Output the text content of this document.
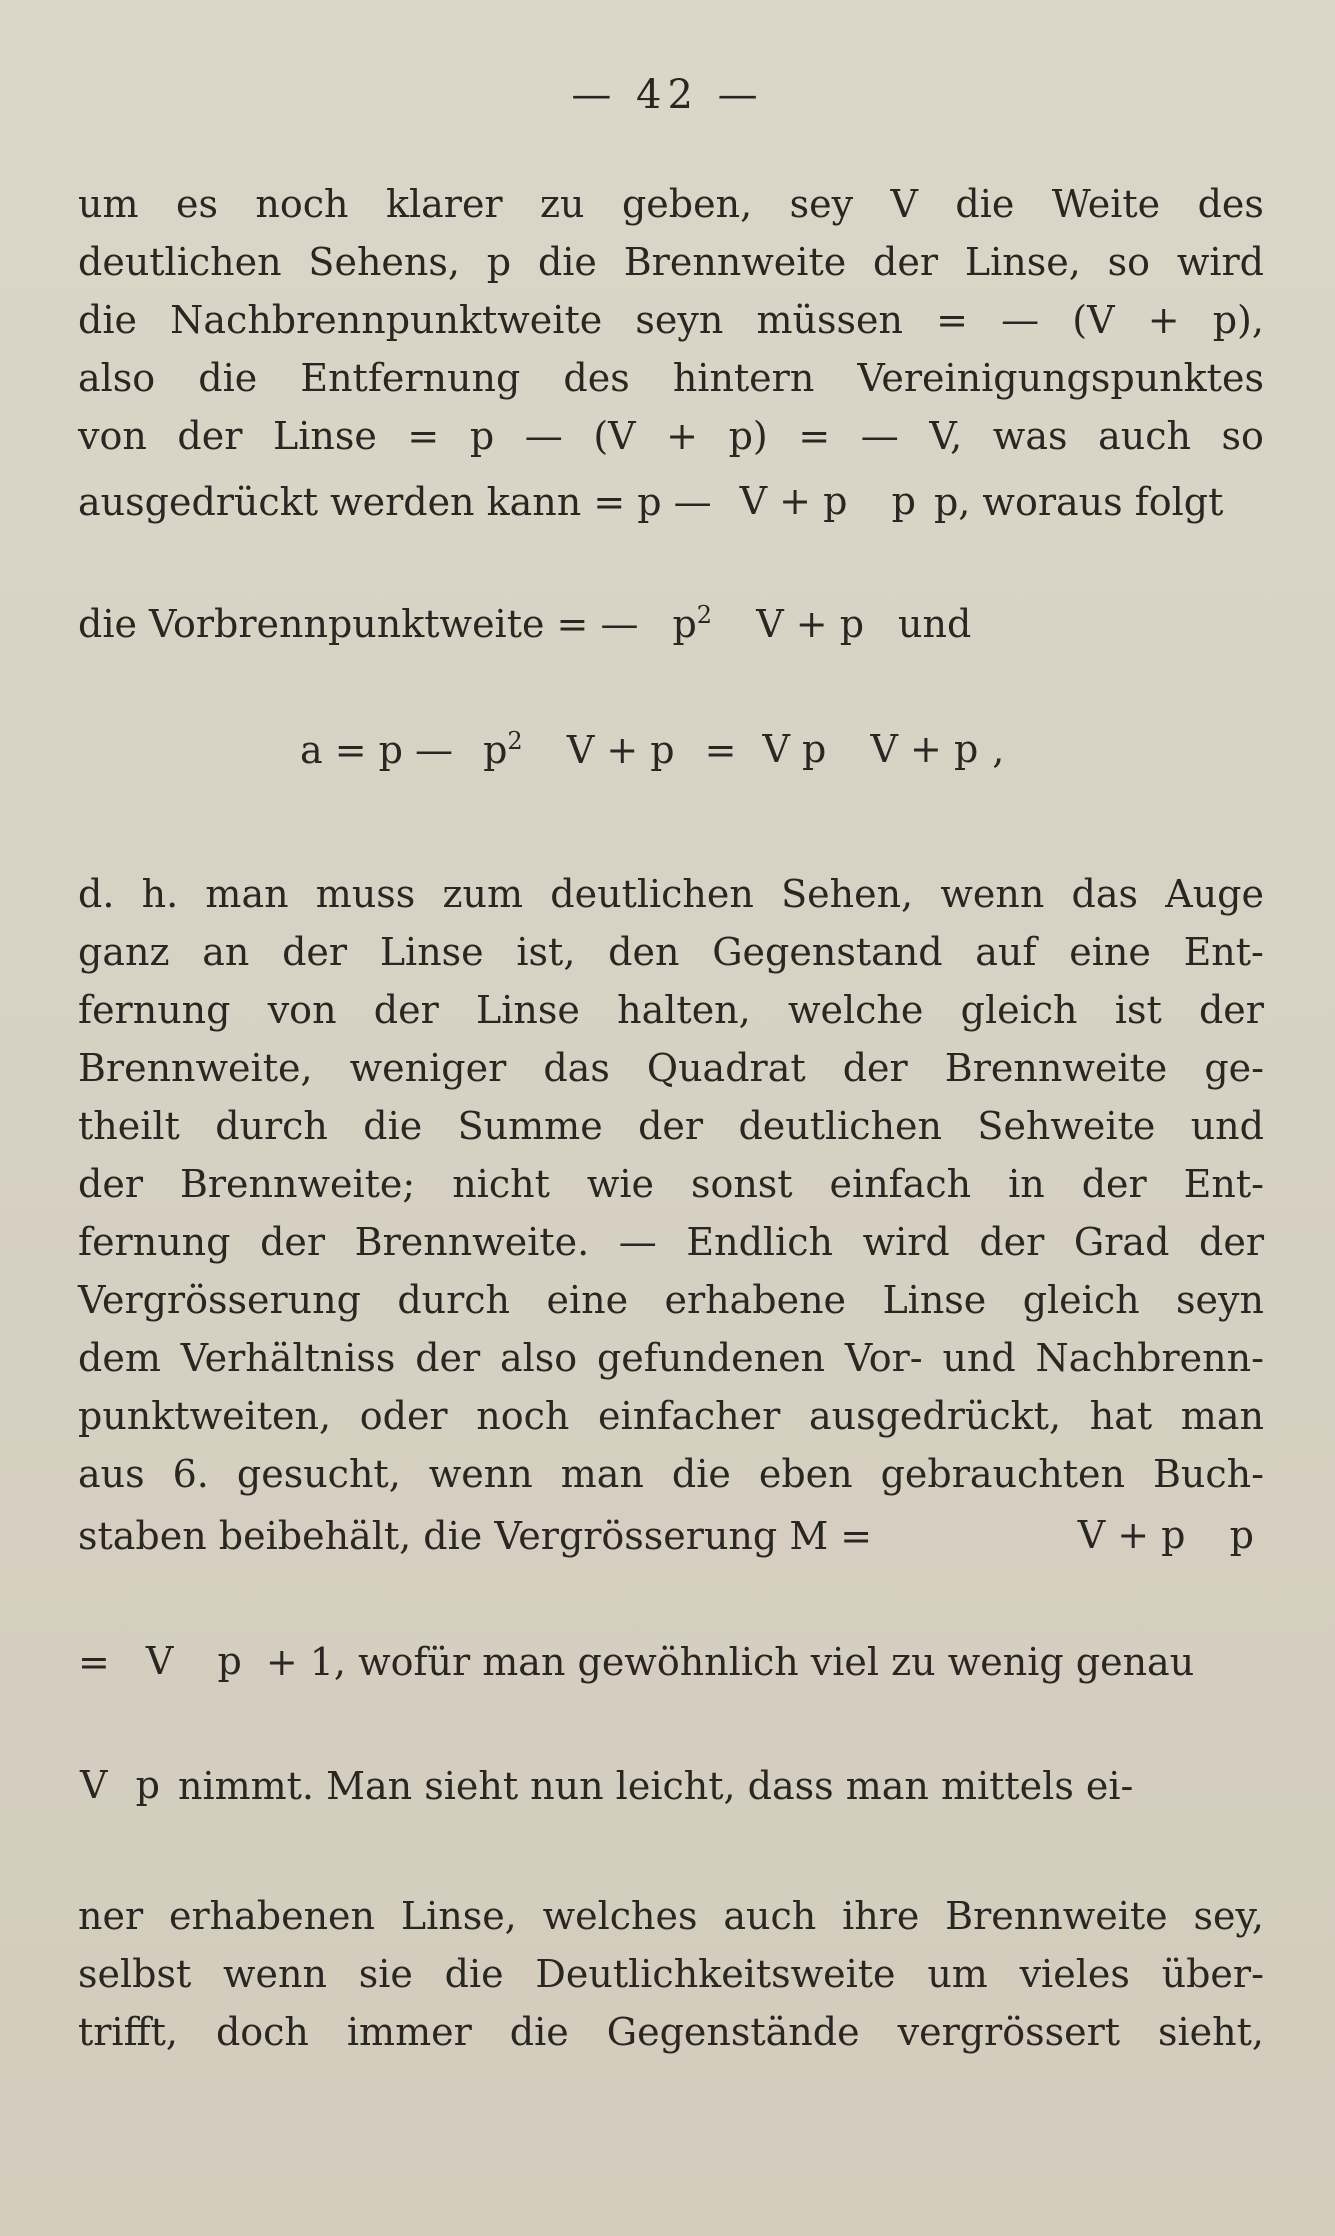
— 42 —
um es noch klarer zu geben, sey V die Weite des
deutlichen Sehens, p die Brennweite der Linse, so wird
die Nachbrennpunktweite seyn müssen = — (V + p),
also die Entfernung des hintern Vereinigungspunktes
von der Linse = p — (V + p) = — V, was auch so
ausgedrückt werden kann = p — V + p p p, woraus folgt
die Vorbrennpunktweite = — p2 V + p und
a = p — p2 V + p = V p V + p ,
d. h. man muss zum deutlichen Sehen, wenn das Auge
ganz an der Linse ist, den Gegenstand auf eine Ent-
fernung von der Linse halten, welche gleich ist der
Brennweite, weniger das Quadrat der Brennweite ge-
theilt durch die Summe der deutlichen Sehweite und
der Brennweite; nicht wie sonst einfach in der Ent-
fernung der Brennweite. — Endlich wird der Grad der
Vergrösserung durch eine erhabene Linse gleich seyn
dem Verhältniss der also gefundenen Vor- und Nachbrenn-
punktweiten, oder noch einfacher ausgedrückt, hat man
aus 6. gesucht, wenn man die eben gebrauchten Buch-
staben beibehält, die Vergrösserung M =	V + p p
= V p + 1, wofür man gewöhnlich viel zu wenig genau
V p nimmt. Man sieht nun leicht, dass man mittels ei-
ner erhabenen Linse, welches auch ihre Brennweite sey,
selbst wenn sie die Deutlichkeitsweite um vieles über-
trifft, doch immer die Gegenstände vergrössert sieht,
